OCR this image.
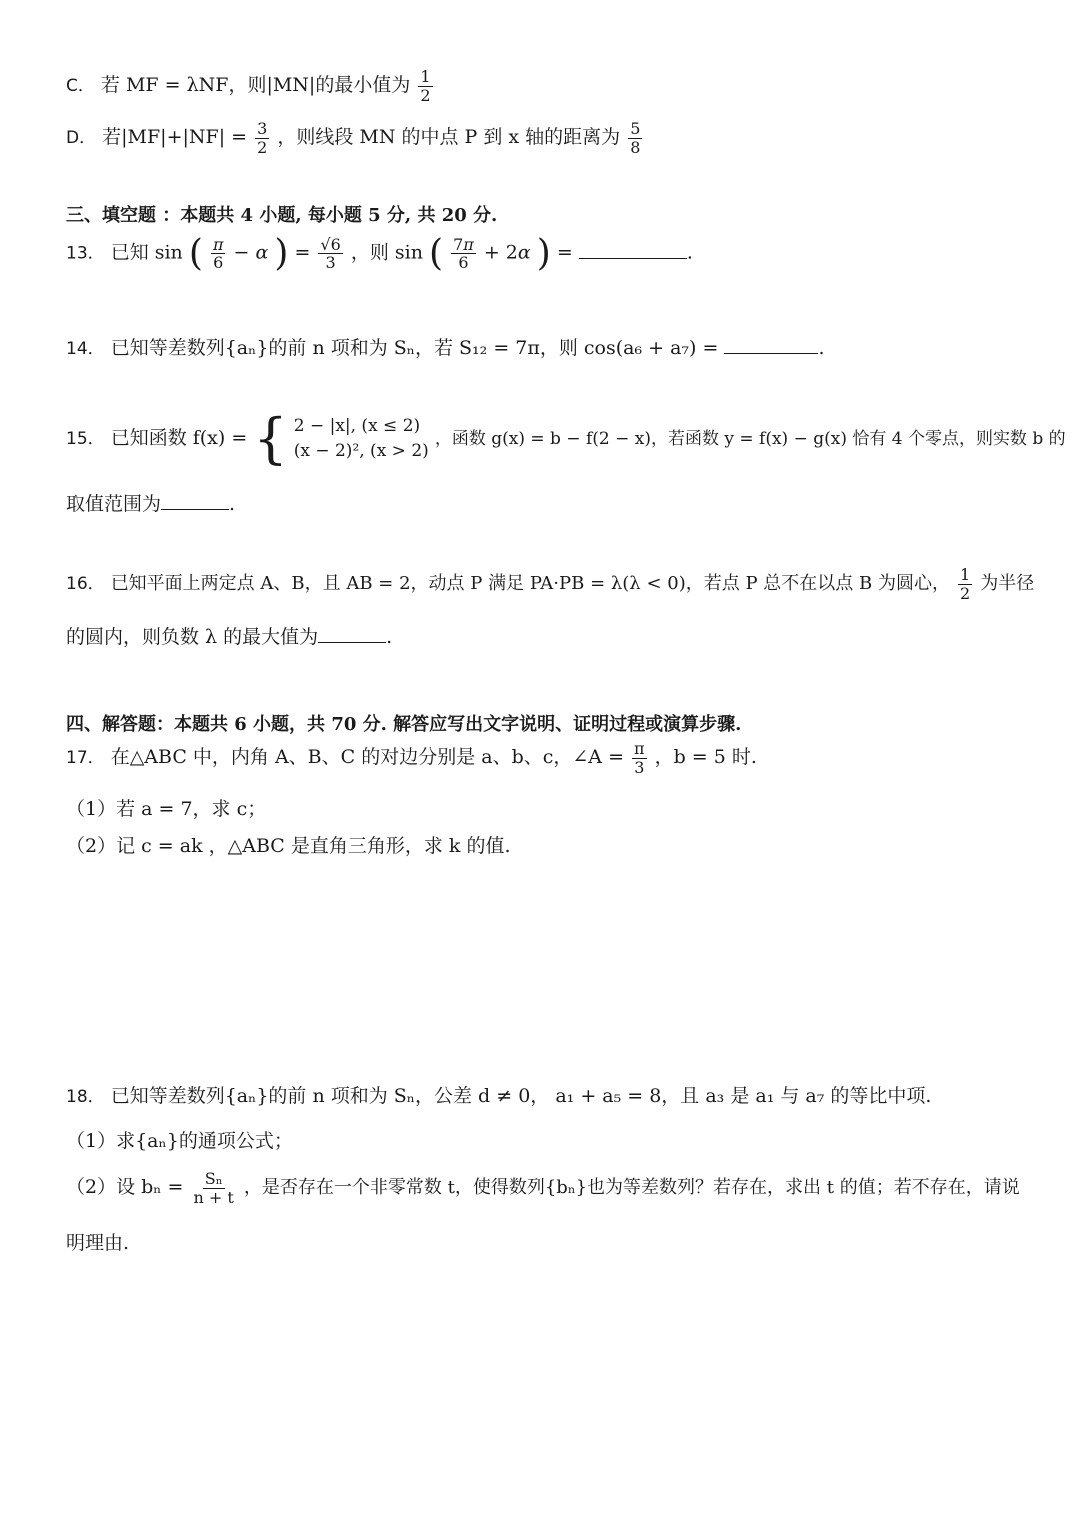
C． 若 MF = λNF，则|MN|的最小值为 $\frac{1}{2}$
D． 若$|MF|+|NF| = \frac{3}{2}$ ，则线段 MN 的中点 P 到 x 轴的距离为 $\frac{5}{8}$
三、填空题 ：本题共 4 小题, 每小题 5 分, 共 20 分.
13． 已知 sin ( $\frac{\pi}{6} - \alpha$ ) = $\frac{√6}{3}$ ，则 sin ( $\frac{7\pi}{6} + 2\alpha$ ) =	.
14． 已知等差数列{aₙ}的前 n 项和为 Sₙ，若 S₁₂ = 7π，则 cos(a₆ + a₇) =	.
15． 已知函数 f(x) = { 2 − |x|, (x ≤ 2)
(x − 2)², (x > 2)
，函数 g(x) = b − f(2 − x)，若函数 y = f(x) − g(x) 恰有 4 个零点，则实数 b 的
取值范围为	.
16． 已知平面上两定点 A、B，且 AB = 2，动点 P 满足 PA·PB = λ(λ < 0)，若点 P 总不在以点 B 为圆心， $\frac{1}{2}$ 为半径
的圆内，则负数 λ 的最大值为	.
四、解答题：本题共 6 小题，共 70 分. 解答应写出文字说明、证明过程或演算步骤.
17． 在△ABC 中，内角 A、B、C 的对边分别是 a、b、c，∠A = $\frac{\pi}{3}$ ，b = 5 时.
（1）若 a = 7，求 c；
（2）记 c = ak ，△ABC 是直角三角形，求 k 的值.
18． 已知等差数列{aₙ}的前 n 项和为 Sₙ，公差 d ≠ 0， a₁ + a₅ = 8，且 a₃ 是 a₁ 与 a₇ 的等比中项.
（1）求{aₙ}的通项公式；
（2）设 $b_n = \frac{\text{Sₙ}}{n + t}$ ，是否存在一个非零常数 t，使得数列{bₙ}也为等差数列？若存在，求出 t 的值；若不存在，请说
明理由.
